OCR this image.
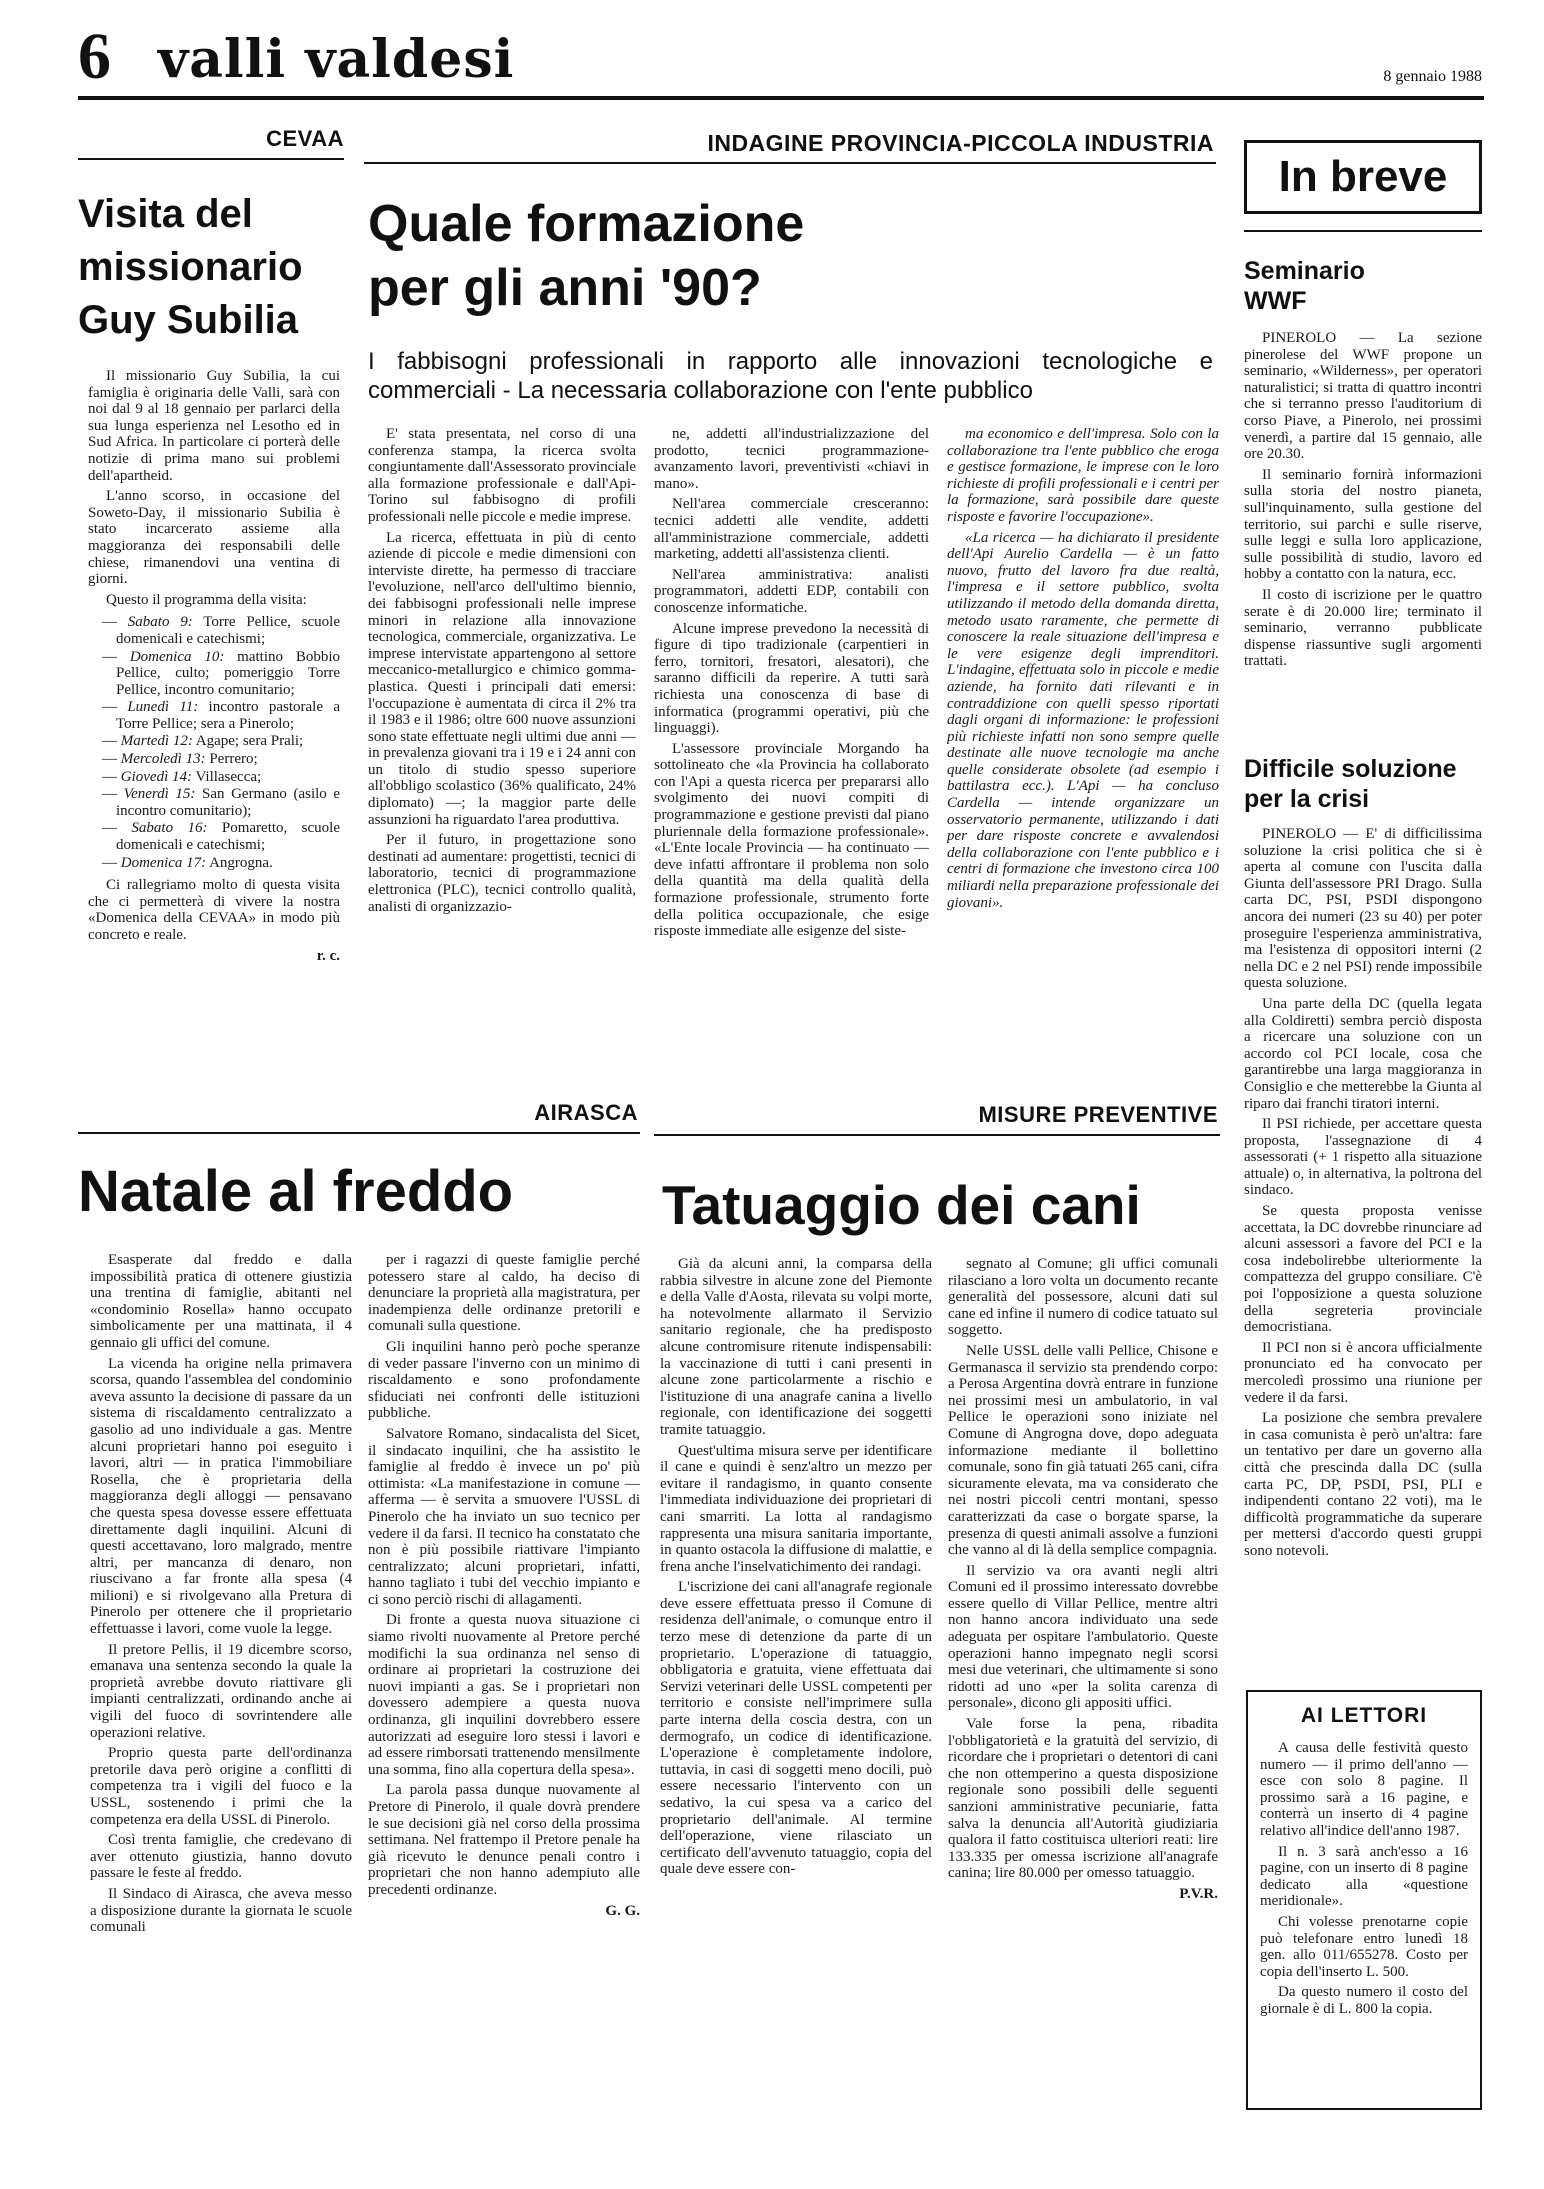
6 valli valdesi	8 gennaio 1988
CEVAA
Visita del
missionario
Guy Subilia

Il missionario Guy Subilia, la cui famiglia è originaria delle Valli, sarà con noi dal 9 al 18 gennaio per parlarci della sua lunga esperienza nel Lesotho ed in Sud Africa. In particolare ci porterà delle notizie di prima mano sui problemi dell'apartheid.

L'anno scorso, in occasione del Soweto-Day, il missionario Subilia è stato incarcerato assieme alla maggioranza dei responsabili delle chiese, rimanendovi una ventina di giorni.

Questo il programma della visita:

— Sabato 9: Torre Pellice, scuole domenicali e catechismi;
— Domenica 10: mattino Bobbio Pellice, culto; pomeriggio Torre Pellice, incontro comunitario;
— Lunedì 11: incontro pastorale a Torre Pellice; sera a Pinerolo;
— Martedì 12: Agape; sera Prali;
— Mercoledì 13: Perrero;
— Giovedì 14: Villasecca;
— Venerdì 15: San Germano (asilo e incontro comunitario);
— Sabato 16: Pomaretto, scuole domenicali e catechismi;
— Domenica 17: Angrogna.

Ci rallegriamo molto di questa visita che ci permetterà di vivere la nostra «Domenica della CEVAA» in modo più concreto e reale.

r. c.

INDAGINE PROVINCIA-PICCOLA INDUSTRIA
Quale formazione
per gli anni '90?
I fabbisogni professionali in rapporto alle innovazioni tecnologiche e commerciali - La necessaria collaborazione con l'ente pubblico

E' stata presentata, nel corso di una conferenza stampa, la ricerca svolta congiuntamente dall'Assessorato provinciale alla formazione professionale e dall'Api-Torino sul fabbisogno di profili professionali nelle piccole e medie imprese.

La ricerca, effettuata in più di cento aziende di piccole e medie dimensioni con interviste dirette, ha permesso di tracciare l'evoluzione, nell'arco dell'ultimo biennio, dei fabbisogni professionali nelle imprese minori in relazione alla innovazione tecnologica, commerciale, organizzativa. Le imprese intervistate appartengono al settore meccanico-metallurgico e chimico gomma-plastica. Questi i principali dati emersi: l'occupazione è aumentata di circa il 2% tra il 1983 e il 1986; oltre 600 nuove assunzioni sono state effettuate negli ultimi due anni — in prevalenza giovani tra i 19 e i 24 anni con un titolo di studio spesso superiore all'obbligo scolastico (36% qualificato, 24% diplomato) —; la maggior parte delle assunzioni ha riguardato l'area produttiva.

Per il futuro, in progettazione sono destinati ad aumentare: progettisti, tecnici di laboratorio, tecnici di programmazione elettronica (PLC), tecnici controllo qualità, analisti di organizzazio-

ne, addetti all'industrializzazione del prodotto, tecnici programmazione-avanzamento lavori, preventivisti «chiavi in mano».

Nell'area commerciale cresceranno: tecnici addetti alle vendite, addetti all'amministrazione commerciale, addetti marketing, addetti all'assistenza clienti.

Nell'area amministrativa: analisti programmatori, addetti EDP, contabili con conoscenze informatiche.

Alcune imprese prevedono la necessità di figure di tipo tradizionale (carpentieri in ferro, tornitori, fresatori, alesatori), che saranno difficili da reperire. A tutti sarà richiesta una conoscenza di base di informatica (programmi operativi, più che linguaggi).

L'assessore provinciale Morgando ha sottolineato che «la Provincia ha collaborato con l'Api a questa ricerca per prepararsi allo svolgimento dei nuovi compiti di programmazione e gestione previsti dal piano pluriennale della formazione professionale». «L'Ente locale Provincia — ha continuato — deve infatti affrontare il problema non solo della quantità ma della qualità della formazione professionale, strumento forte della politica occupazionale, che esige risposte immediate alle esigenze del siste-

ma economico e dell'impresa. Solo con la collaborazione tra l'ente pubblico che eroga e gestisce formazione, le imprese con le loro richieste di profili professionali e i centri per la formazione, sarà possibile dare queste risposte e favorire l'occupazione».

«La ricerca — ha dichiarato il presidente dell'Api Aurelio Cardella — è un fatto nuovo, frutto del lavoro fra due realtà, l'impresa e il settore pubblico, svolta utilizzando il metodo della domanda diretta, metodo usato raramente, che permette di conoscere la reale situazione dell'impresa e le vere esigenze degli imprenditori. L'indagine, effettuata solo in piccole e medie aziende, ha fornito dati rilevanti e in contraddizione con quelli spesso riportati dagli organi di informazione: le professioni più richieste infatti non sono sempre quelle destinate alle nuove tecnologie ma anche quelle considerate obsolete (ad esempio i battilastra ecc.). L'Api — ha concluso Cardella — intende organizzare un osservatorio permanente, utilizzando i dati per dare risposte concrete e avvalendosi della collaborazione con l'ente pubblico e i centri di formazione che investono circa 100 miliardi nella preparazione professionale dei giovani».

In breve
Seminario
WWF

PINEROLO — La sezione pinerolese del WWF propone un seminario, «Wilderness», per operatori naturalistici; si tratta di quattro incontri che si terranno presso l'auditorium di corso Piave, a Pinerolo, nei prossimi venerdì, a partire dal 15 gennaio, alle ore 20.30.

Il seminario fornirà informazioni sulla storia del nostro pianeta, sull'inquinamento, sulla gestione del territorio, sui parchi e sulle riserve, sulle leggi e sulla loro applicazione, sulle possibilità di studio, lavoro ed hobby a contatto con la natura, ecc.

Il costo di iscrizione per le quattro serate è di 20.000 lire; terminato il seminario, verranno pubblicate dispense riassuntive sugli argomenti trattati.

Difficile soluzione
per la crisi

PINEROLO — E' di difficilissima soluzione la crisi politica che si è aperta al comune con l'uscita dalla Giunta dell'assessore PRI Drago. Sulla carta DC, PSI, PSDI dispongono ancora dei numeri (23 su 40) per poter proseguire l'esperienza amministrativa, ma l'esistenza di oppositori interni (2 nella DC e 2 nel PSI) rende impossibile questa soluzione.

Una parte della DC (quella legata alla Coldiretti) sembra perciò disposta a ricercare una soluzione con un accordo col PCI locale, cosa che garantirebbe una larga maggioranza in Consiglio e che metterebbe la Giunta al riparo dai franchi tiratori interni.

Il PSI richiede, per accettare questa proposta, l'assegnazione di 4 assessorati (+ 1 rispetto alla situazione attuale) o, in alternativa, la poltrona del sindaco.

Se questa proposta venisse accettata, la DC dovrebbe rinunciare ad alcuni assessori a favore del PCI e la cosa indebolirebbe ulteriormente la compattezza del gruppo consiliare. C'è poi l'opposizione a questa soluzione della segreteria provinciale democristiana.

Il PCI non si è ancora ufficialmente pronunciato ed ha convocato per mercoledì prossimo una riunione per vedere il da farsi.

La posizione che sembra prevalere in casa comunista è però un'altra: fare un tentativo per dare un governo alla città che prescinda dalla DC (sulla carta PC, DP, PSDI, PSI, PLI e indipendenti contano 22 voti), ma le difficoltà programmatiche da superare per mettersi d'accordo questi gruppi sono notevoli.

AI LETTORI

A causa delle festività questo numero — il primo dell'anno — esce con solo 8 pagine. Il prossimo sarà a 16 pagine, e conterrà un inserto di 4 pagine relativo all'indice dell'anno 1987.

Il n. 3 sarà anch'esso a 16 pagine, con un inserto di 8 pagine dedicato alla «questione meridionale».

Chi volesse prenotarne copie può telefonare entro lunedì 18 gen. allo 011/655278. Costo per copia dell'inserto L. 500.

Da questo numero il costo del giornale è di L. 800 la copia.

AIRASCA
Natale al freddo

Esasperate dal freddo e dalla impossibilità pratica di ottenere giustizia una trentina di famiglie, abitanti nel «condominio Rosella» hanno occupato simbolicamente per una mattinata, il 4 gennaio gli uffici del comune.

La vicenda ha origine nella primavera scorsa, quando l'assemblea del condominio aveva assunto la decisione di passare da un sistema di riscaldamento centralizzato a gasolio ad uno individuale a gas. Mentre alcuni proprietari hanno poi eseguito i lavori, altri — in pratica l'immobiliare Rosella, che è proprietaria della maggioranza degli alloggi — pensavano che questa spesa dovesse essere effettuata direttamente dagli inquilini. Alcuni di questi accettavano, loro malgrado, mentre altri, per mancanza di denaro, non riuscivano a far fronte alla spesa (4 milioni) e si rivolgevano alla Pretura di Pinerolo per ottenere che il proprietario effettuasse i lavori, come vuole la legge.

Il pretore Pellis, il 19 dicembre scorso, emanava una sentenza secondo la quale la proprietà avrebbe dovuto riattivare gli impianti centralizzati, ordinando anche ai vigili del fuoco di sovrintendere alle operazioni relative.

Proprio questa parte dell'ordinanza pretorile dava però origine a conflitti di competenza tra i vigili del fuoco e la USSL, sostenendo i primi che la competenza era della USSL di Pinerolo.

Così trenta famiglie, che credevano di aver ottenuto giustizia, hanno dovuto passare le feste al freddo.

Il Sindaco di Airasca, che aveva messo a disposizione durante la giornata le scuole comunali

per i ragazzi di queste famiglie perché potessero stare al caldo, ha deciso di denunciare la proprietà alla magistratura, per inadempienza delle ordinanze pretorili e comunali sulla questione.

Gli inquilini hanno però poche speranze di veder passare l'inverno con un minimo di riscaldamento e sono profondamente sfiduciati nei confronti delle istituzioni pubbliche.

Salvatore Romano, sindacalista del Sicet, il sindacato inquilini, che ha assistito le famiglie al freddo è invece un po' più ottimista: «La manifestazione in comune — afferma — è servita a smuovere l'USSL di Pinerolo che ha inviato un suo tecnico per vedere il da farsi. Il tecnico ha constatato che non è più possibile riattivare l'impianto centralizzato; alcuni proprietari, infatti, hanno tagliato i tubi del vecchio impianto e ci sono perciò rischi di allagamenti.

Di fronte a questa nuova situazione ci siamo rivolti nuovamente al Pretore perché modifichi la sua ordinanza nel senso di ordinare ai proprietari la costruzione dei nuovi impianti a gas. Se i proprietari non dovessero adempiere a questa nuova ordinanza, gli inquilini dovrebbero essere autorizzati ad eseguire loro stessi i lavori e ad essere rimborsati trattenendo mensilmente una somma, fino alla copertura della spesa».

La parola passa dunque nuovamente al Pretore di Pinerolo, il quale dovrà prendere le sue decisioni già nel corso della prossima settimana. Nel frattempo il Pretore penale ha già ricevuto le denunce penali contro i proprietari che non hanno adempiuto alle precedenti ordinanze.

G. G.

MISURE PREVENTIVE
Tatuaggio dei cani

Già da alcuni anni, la comparsa della rabbia silvestre in alcune zone del Piemonte e della Valle d'Aosta, rilevata su volpi morte, ha notevolmente allarmato il Servizio sanitario regionale, che ha predisposto alcune contromisure ritenute indispensabili: la vaccinazione di tutti i cani presenti in alcune zone particolarmente a rischio e l'istituzione di una anagrafe canina a livello regionale, con identificazione dei soggetti tramite tatuaggio.

Quest'ultima misura serve per identificare il cane e quindi è senz'altro un mezzo per evitare il randagismo, in quanto consente l'immediata individuazione dei proprietari di cani smarriti. La lotta al randagismo rappresenta una misura sanitaria importante, in quanto ostacola la diffusione di malattie, e frena anche l'inselvatichimento dei randagi.

L'iscrizione dei cani all'anagrafe regionale deve essere effettuata presso il Comune di residenza dell'animale, o comunque entro il terzo mese di detenzione da parte di un proprietario. L'operazione di tatuaggio, obbligatoria e gratuita, viene effettuata dai Servizi veterinari delle USSL competenti per territorio e consiste nell'imprimere sulla parte interna della coscia destra, con un dermografo, un codice di identificazione. L'operazione è completamente indolore, tuttavia, in casi di soggetti meno docili, può essere necessario l'intervento con un sedativo, la cui spesa va a carico del proprietario dell'animale. Al termine dell'operazione, viene rilasciato un certificato dell'avvenuto tatuaggio, copia del quale deve essere con-

segnato al Comune; gli uffici comunali rilasciano a loro volta un documento recante generalità del possessore, alcuni dati sul cane ed infine il numero di codice tatuato sul soggetto.

Nelle USSL delle valli Pellice, Chisone e Germanasca il servizio sta prendendo corpo: a Perosa Argentina dovrà entrare in funzione nei prossimi mesi un ambulatorio, in val Pellice le operazioni sono iniziate nel Comune di Angrogna dove, dopo adeguata informazione mediante il bollettino comunale, sono fin già tatuati 265 cani, cifra sicuramente elevata, ma va considerato che nei nostri piccoli centri montani, spesso caratterizzati da case o borgate sparse, la presenza di questi animali assolve a funzioni che vanno al di là della semplice compagnia.

Il servizio va ora avanti negli altri Comuni ed il prossimo interessato dovrebbe essere quello di Villar Pellice, mentre altri non hanno ancora individuato una sede adeguata per ospitare l'ambulatorio. Queste operazioni hanno impegnato negli scorsi mesi due veterinari, che ultimamente si sono ridotti ad uno «per la solita carenza di personale», dicono gli appositi uffici.

Vale forse la pena, ribadita l'obbligatorietà e la gratuità del servizio, di ricordare che i proprietari o detentori di cani che non ottemperino a questa disposizione regionale sono possibili delle seguenti sanzioni amministrative pecuniarie, fatta salva la denuncia all'Autorità giudiziaria qualora il fatto costituisca ulteriori reati: lire 133.335 per omessa iscrizione all'anagrafe canina; lire 80.000 per omesso tatuaggio.

P.V.R.
